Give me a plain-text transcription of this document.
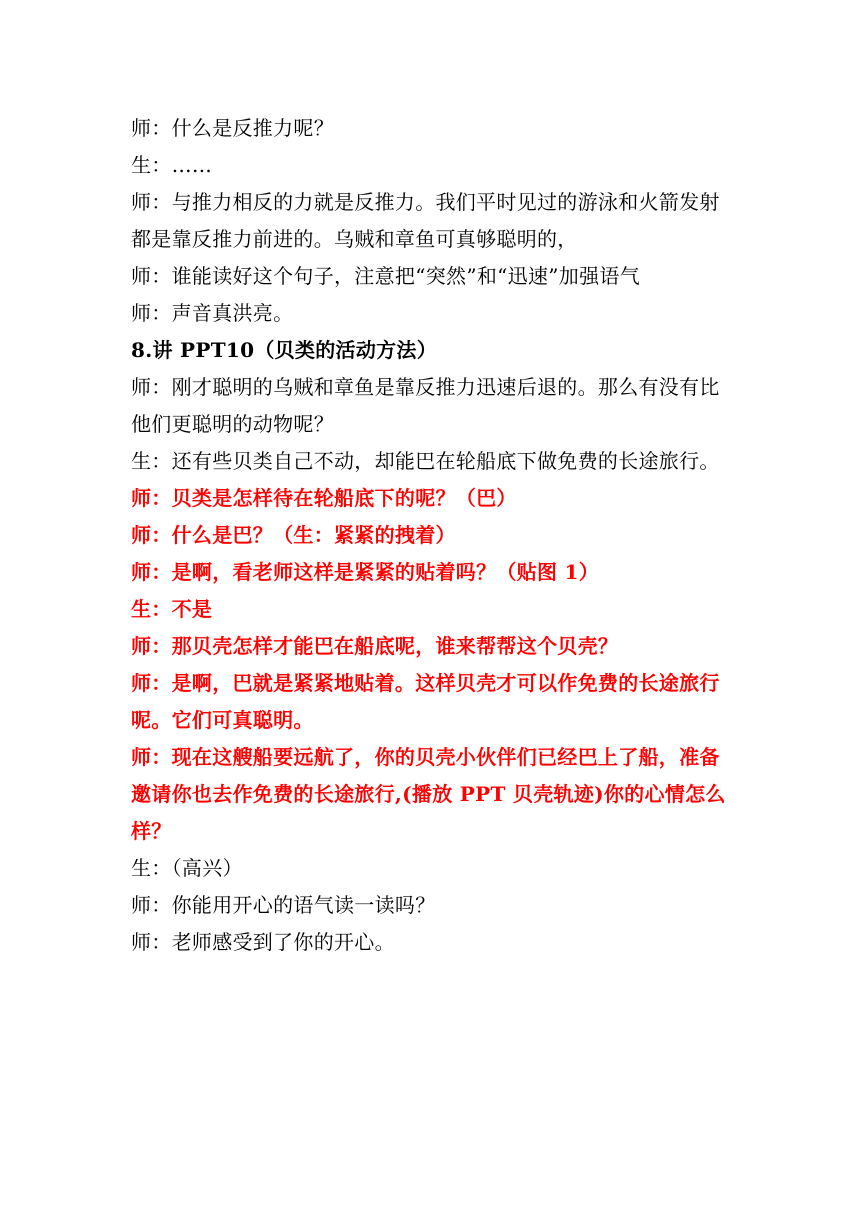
师：什么是反推力呢？

生：……

师：与推力相反的力就是反推力。我们平时见过的游泳和火箭发射都是靠反推力前进的。乌贼和章鱼可真够聪明的，

师：谁能读好这个句子，注意把“突然”和“迅速”加强语气

师：声音真洪亮。

8.讲 PPT10（贝类的活动方法）

师：刚才聪明的乌贼和章鱼是靠反推力迅速后退的。那么有没有比他们更聪明的动物呢？

生：还有些贝类自己不动，却能巴在轮船底下做免费的长途旅行。

师：贝类是怎样待在轮船底下的呢？（巴）

师：什么是巴？（生：紧紧的拽着）

师：是啊，看老师这样是紧紧的贴着吗？（贴图 1）

生：不是

师：那贝壳怎样才能巴在船底呢，谁来帮帮这个贝壳？

师：是啊，巴就是紧紧地贴着。这样贝壳才可以作免费的长途旅行呢。它们可真聪明。

师：现在这艘船要远航了，你的贝壳小伙伴们已经巴上了船，准备邀请你也去作免费的长途旅行,(播放 PPT 贝壳轨迹)你的心情怎么样？

生：（高兴）

师：你能用开心的语气读一读吗？

师：老师感受到了你的开心。
